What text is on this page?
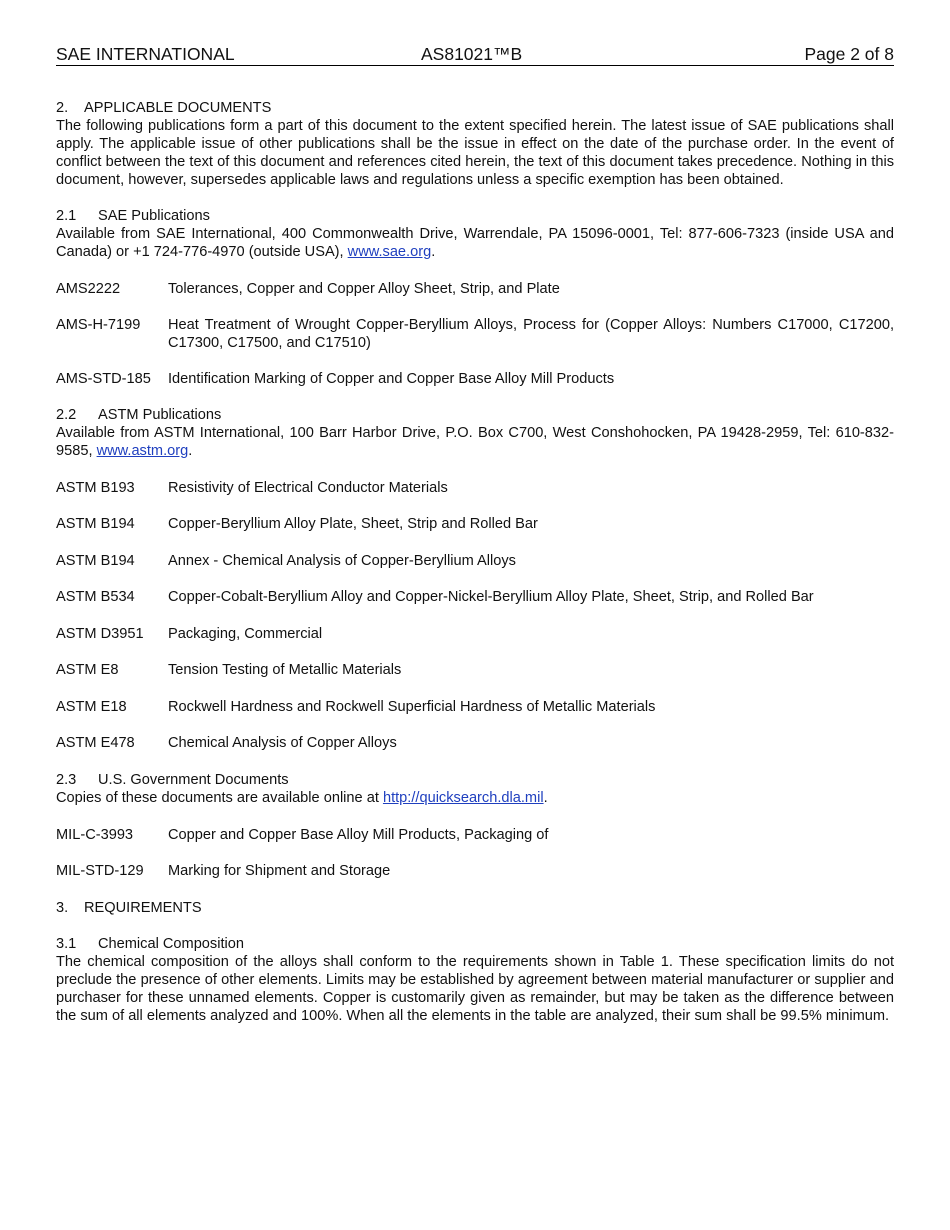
SAE INTERNATIONAL	AS81021™B	Page 2 of 8
2. APPLICABLE DOCUMENTS

The following publications form a part of this document to the extent specified herein. The latest issue of SAE publications shall apply. The applicable issue of other publications shall be the issue in effect on the date of the purchase order. In the event of conflict between the text of this document and references cited herein, the text of this document takes precedence. Nothing in this document, however, supersedes applicable laws and regulations unless a specific exemption has been obtained.

2.1 SAE Publications

Available from SAE International, 400 Commonwealth Drive, Warrendale, PA 15096-0001, Tel: 877-606-7323 (inside USA and Canada) or +1 724-776-4970 (outside USA), www.sae.org.

AMS2222	Tolerances, Copper and Copper Alloy Sheet, Strip, and Plate
AMS-H-7199	Heat Treatment of Wrought Copper-Beryllium Alloys, Process for (Copper Alloys: Numbers C17000, C17200, C17300, C17500, and C17510)
AMS-STD-185	Identification Marking of Copper and Copper Base Alloy Mill Products
2.2 ASTM Publications

Available from ASTM International, 100 Barr Harbor Drive, P.O. Box C700, West Conshohocken, PA 19428-2959, Tel: 610-832-9585, www.astm.org.

ASTM B193	Resistivity of Electrical Conductor Materials
ASTM B194	Copper-Beryllium Alloy Plate, Sheet, Strip and Rolled Bar
ASTM B194	Annex - Chemical Analysis of Copper-Beryllium Alloys
ASTM B534	Copper-Cobalt-Beryllium Alloy and Copper-Nickel-Beryllium Alloy Plate, Sheet, Strip, and Rolled Bar
ASTM D3951	Packaging, Commercial
ASTM E8	Tension Testing of Metallic Materials
ASTM E18	Rockwell Hardness and Rockwell Superficial Hardness of Metallic Materials
ASTM E478	Chemical Analysis of Copper Alloys
2.3 U.S. Government Documents

Copies of these documents are available online at http://quicksearch.dla.mil.

MIL-C-3993	Copper and Copper Base Alloy Mill Products, Packaging of
MIL-STD-129	Marking for Shipment and Storage
3. REQUIREMENTS
3.1 Chemical Composition

The chemical composition of the alloys shall conform to the requirements shown in Table 1. These specification limits do not preclude the presence of other elements. Limits may be established by agreement between material manufacturer or supplier and purchaser for these unnamed elements. Copper is customarily given as remainder, but may be taken as the difference between the sum of all elements analyzed and 100%. When all the elements in the table are analyzed, their sum shall be 99.5% minimum.
